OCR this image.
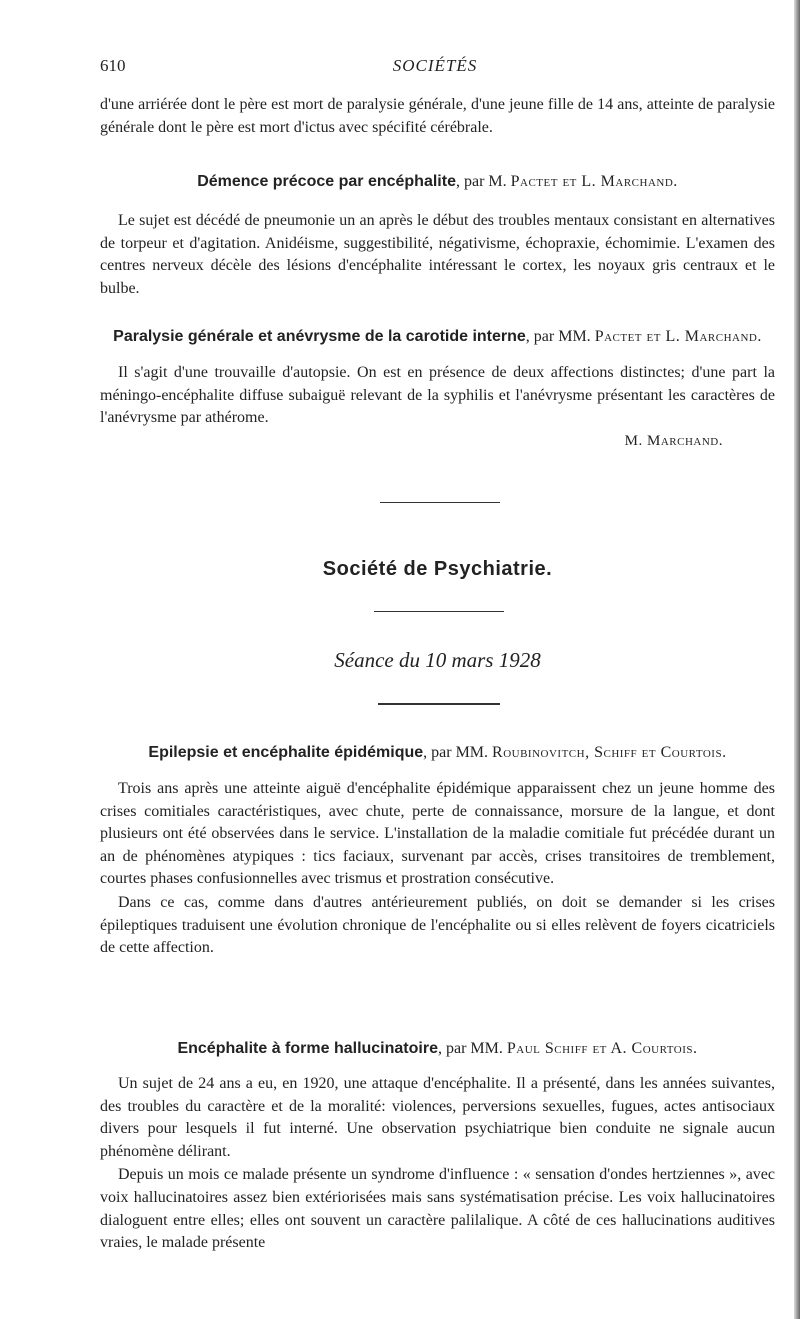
610	SOCIÉTÉS

d'une arriérée dont le père est mort de paralysie générale, d'une jeune fille de 14 ans, atteinte de paralysie générale dont le père est mort d'ictus avec spécifité cérébrale.

Démence précoce par encéphalite, par M. Pactet et L. Marchand.

Le sujet est décédé de pneumonie un an après le début des troubles mentaux consistant en alternatives de torpeur et d'agitation. Anidéisme, suggestibilité, négativisme, échopraxie, échomimie. L'examen des centres nerveux décèle des lésions d'encéphalite intéressant le cortex, les noyaux gris centraux et le bulbe.

Paralysie générale et anévrysme de la carotide interne, par MM. Pactet et L. Marchand.

Il s'agit d'une trouvaille d'autopsie. On est en présence de deux affections distinctes; d'une part la méningo-encéphalite diffuse subaiguë relevant de la syphilis et l'anévrysme présentant les caractères de l'anévrysme par athérome.

M. Marchand.

Société de Psychiatrie.
Séance du 10 mars 1928
Epilepsie et encéphalite épidémique, par MM. Roubinovitch, Schiff et Courtois.

Trois ans après une atteinte aiguë d'encéphalite épidémique apparaissent chez un jeune homme des crises comitiales caractéristiques, avec chute, perte de connaissance, morsure de la langue, et dont plusieurs ont été observées dans le service. L'installation de la maladie comitiale fut précédée durant un an de phénomènes atypiques : tics faciaux, survenant par accès, crises transitoires de tremblement, courtes phases confusionnelles avec trismus et prostration consécutive.

Dans ce cas, comme dans d'autres antérieurement publiés, on doit se demander si les crises épileptiques traduisent une évolution chronique de l'encéphalite ou si elles relèvent de foyers cicatriciels de cette affection.

Encéphalite à forme hallucinatoire, par MM. Paul Schiff et A. Courtois.

Un sujet de 24 ans a eu, en 1920, une attaque d'encéphalite. Il a présenté, dans les années suivantes, des troubles du caractère et de la moralité: violences, perversions sexuelles, fugues, actes antisociaux divers pour lesquels il fut interné. Une observation psychiatrique bien conduite ne signale aucun phénomène délirant.

Depuis un mois ce malade présente un syndrome d'influence : « sensation d'ondes hertziennes », avec voix hallucinatoires assez bien extériorisées mais sans systématisation précise. Les voix hallucinatoires dialoguent entre elles; elles ont souvent un caractère palilalique. A côté de ces hallucinations auditives vraies, le malade présente
